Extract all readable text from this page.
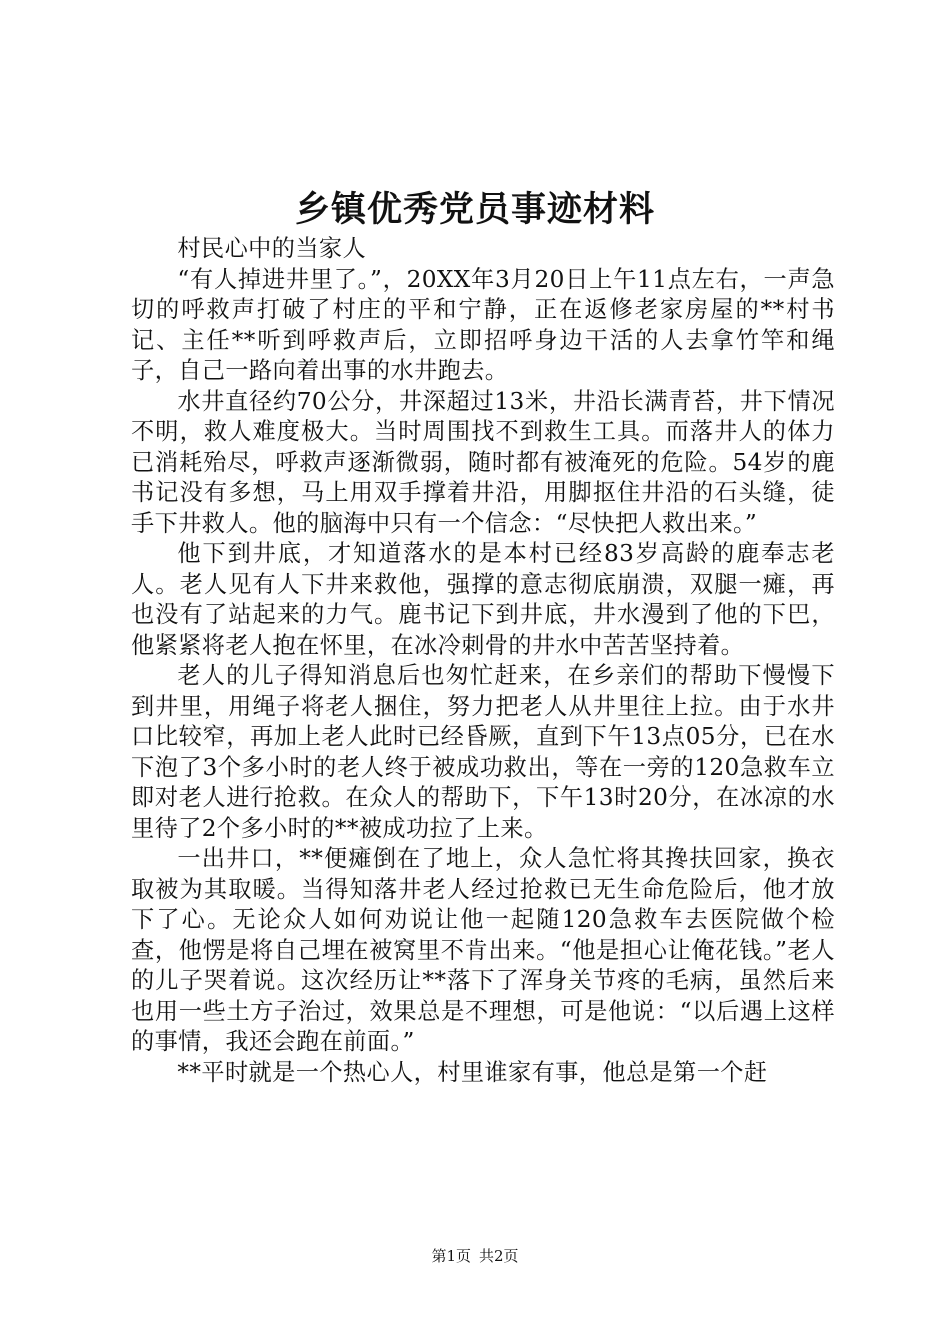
乡镇优秀党员事迹材料

村民心中的当家人

“有人掉进井里了。”，20XX年3月20日上午11点左右，一声急切的呼救声打破了村庄的平和宁静，正在返修老家房屋的**村书记、主任**听到呼救声后，立即招呼身边干活的人去拿竹竿和绳子，自己一路向着出事的水井跑去。

水井直径约70公分，井深超过13米，井沿长满青苔，井下情况不明，救人难度极大。当时周围找不到救生工具。而落井人的体力已消耗殆尽，呼救声逐渐微弱，随时都有被淹死的危险。54岁的鹿书记没有多想，马上用双手撑着井沿，用脚抠住井沿的石头缝，徒手下井救人。他的脑海中只有一个信念：“尽快把人救出来。”

他下到井底，才知道落水的是本村已经83岁高龄的鹿奉志老人。老人见有人下井来救他，强撑的意志彻底崩溃，双腿一瘫，再也没有了站起来的力气。鹿书记下到井底，井水漫到了他的下巴，他紧紧将老人抱在怀里，在冰冷刺骨的井水中苦苦坚持着。

老人的儿子得知消息后也匆忙赶来，在乡亲们的帮助下慢慢下到井里，用绳子将老人捆住，努力把老人从井里往上拉。由于水井口比较窄，再加上老人此时已经昏厥，直到下午13点05分，已在水下泡了3个多小时的老人终于被成功救出，等在一旁的120急救车立即对老人进行抢救。在众人的帮助下，下午13时20分，在冰凉的水里待了2个多小时的**被成功拉了上来。

一出井口，**便瘫倒在了地上，众人急忙将其搀扶回家，换衣取被为其取暖。当得知落井老人经过抢救已无生命危险后，他才放下了心。无论众人如何劝说让他一起随120急救车去医院做个检查，他愣是将自己埋在被窝里不肯出来。“他是担心让俺花钱。”老人的儿子哭着说。这次经历让**落下了浑身关节疼的毛病，虽然后来也用一些土方子治过，效果总是不理想，可是他说：“以后遇上这样的事情，我还会跑在前面。”

**平时就是一个热心人，村里谁家有事，他总是第一个赶

第1页 共2页
